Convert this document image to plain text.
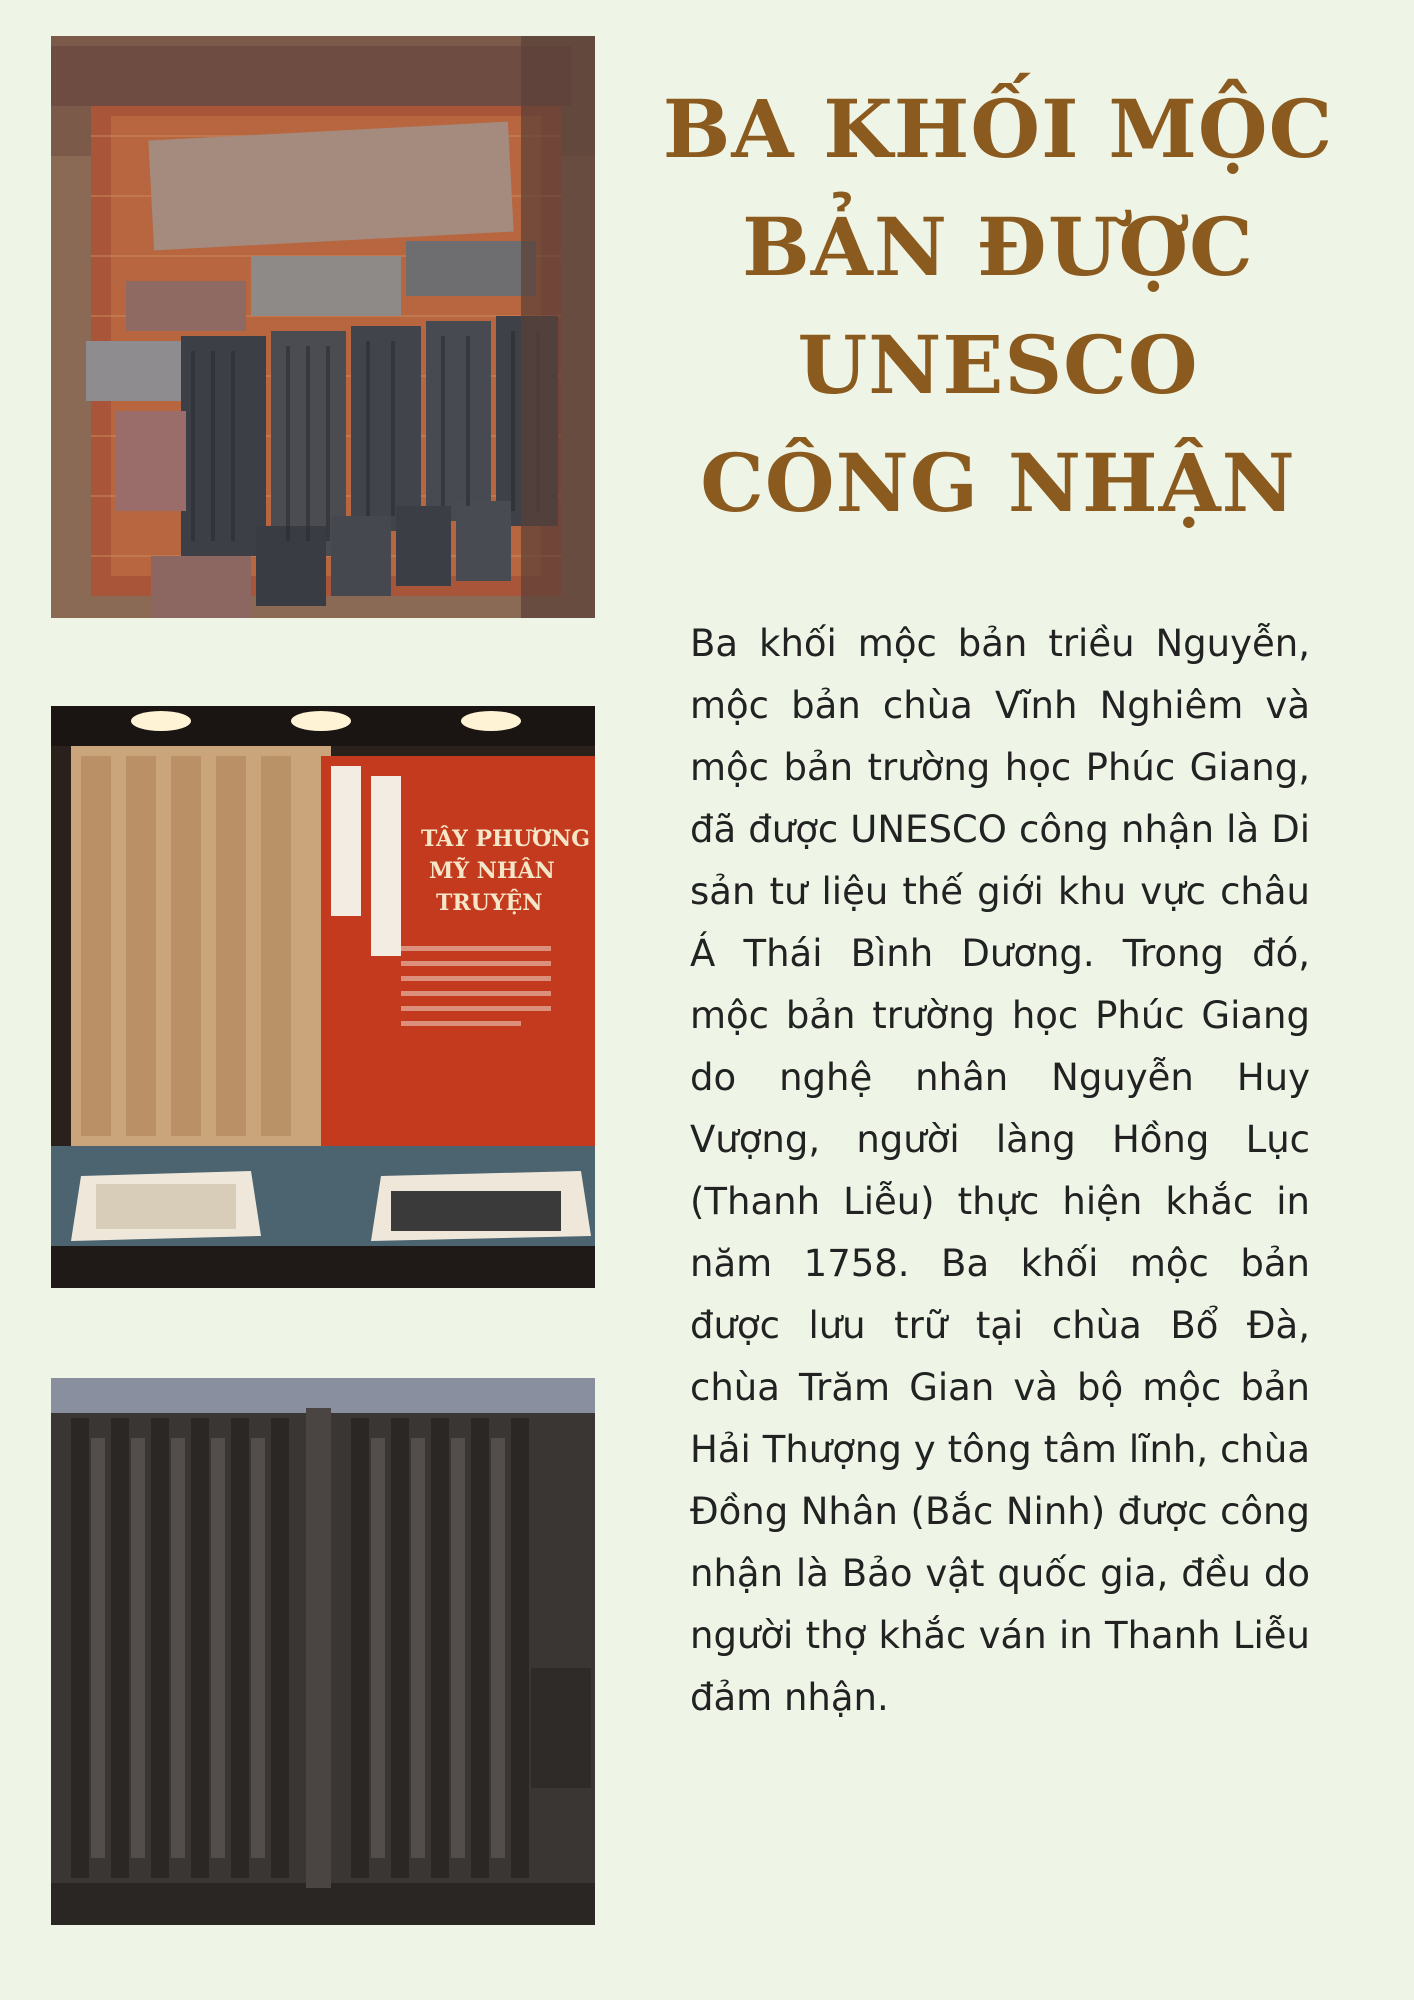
TÂY PHƯƠNG
MỸ NHÂN
TRUYỆN
BA KHỐI MỘC BẢN ĐƯỢC UNESCO CÔNG NHẬN

Ba khối mộc bản triều Nguyễn, mộc bản chùa Vĩnh Nghiêm và mộc bản trường học Phúc Giang, đã được UNESCO công nhận là Di sản tư liệu thế giới khu vực châu Á Thái Bình Dương. Trong đó, mộc bản trường học Phúc Giang do nghệ nhân Nguyễn Huy Vượng, người làng Hồng Lục (Thanh Liễu) thực hiện khắc in năm 1758. Ba khối mộc bản được lưu trữ tại chùa Bổ Đà, chùa Trăm Gian và bộ mộc bản Hải Thượng y tông tâm lĩnh, chùa Đồng Nhân (Bắc Ninh) được công nhận là Bảo vật quốc gia, đều do người thợ khắc ván in Thanh Liễu đảm nhận.
